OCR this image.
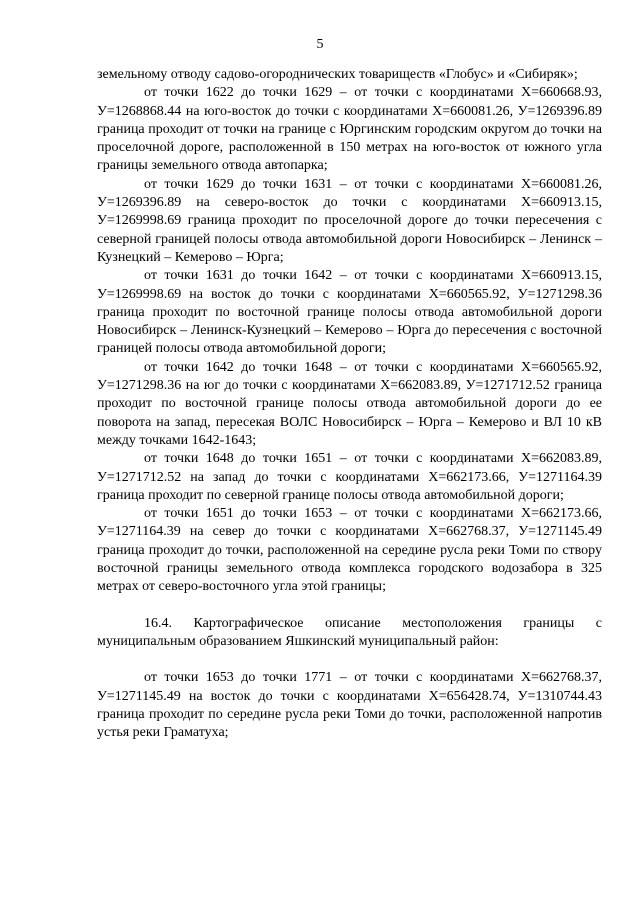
5

земельному отводу садово-огороднических товариществ «Глобус» и «Сибиряк»;

от точки 1622 до точки 1629 – от точки с координатами Х=660668.93, У=1268868.44 на юго-восток до точки с координатами Х=660081.26, У=1269396.89 граница проходит от точки на границе с Юргинским городским округом до точки на проселочной дороге, расположенной в 150 метрах на юго-восток от южного угла границы земельного отвода автопарка;

от точки 1629 до точки 1631 – от точки с координатами Х=660081.26, У=1269396.89 на северо-восток до точки с координатами Х=660913.15, У=1269998.69 граница проходит по проселочной дороге до точки пересечения с северной границей полосы отвода автомобильной дороги Новосибирск – Ленинск – Кузнецкий – Кемерово – Юрга;

от точки 1631 до точки 1642 – от точки с координатами Х=660913.15, У=1269998.69 на восток до точки с координатами Х=660565.92, У=1271298.36 граница проходит по восточной границе полосы отвода автомобильной дороги Новосибирск – Ленинск-Кузнецкий – Кемерово – Юрга до пересечения с восточной границей полосы отвода автомобильной дороги;

от точки 1642 до точки 1648 – от точки с координатами Х=660565.92, У=1271298.36 на юг до точки с координатами Х=662083.89, У=1271712.52 граница проходит по восточной границе полосы отвода автомобильной дороги до ее поворота на запад, пересекая ВОЛС Новосибирск – Юрга – Кемерово и ВЛ 10 кВ между точками 1642-1643;

от точки 1648 до точки 1651 – от точки с координатами Х=662083.89, У=1271712.52 на запад до точки с координатами Х=662173.66, У=1271164.39 граница проходит по северной границе полосы отвода автомобильной дороги;

от точки 1651 до точки 1653 – от точки с координатами Х=662173.66, У=1271164.39 на север до точки с координатами Х=662768.37, У=1271145.49 граница проходит до точки, расположенной на середине русла реки Томи по створу восточной границы земельного отвода комплекса городского водозабора в 325 метрах от северо-восточного угла этой границы;

16.4. Картографическое описание местоположения границы с муниципальным образованием Яшкинский муниципальный район:

от точки 1653 до точки 1771 – от точки с координатами Х=662768.37, У=1271145.49 на восток до точки с координатами Х=656428.74, У=1310744.43 граница проходит по середине русла реки Томи до точки, расположенной напротив устья реки Граматуха;
